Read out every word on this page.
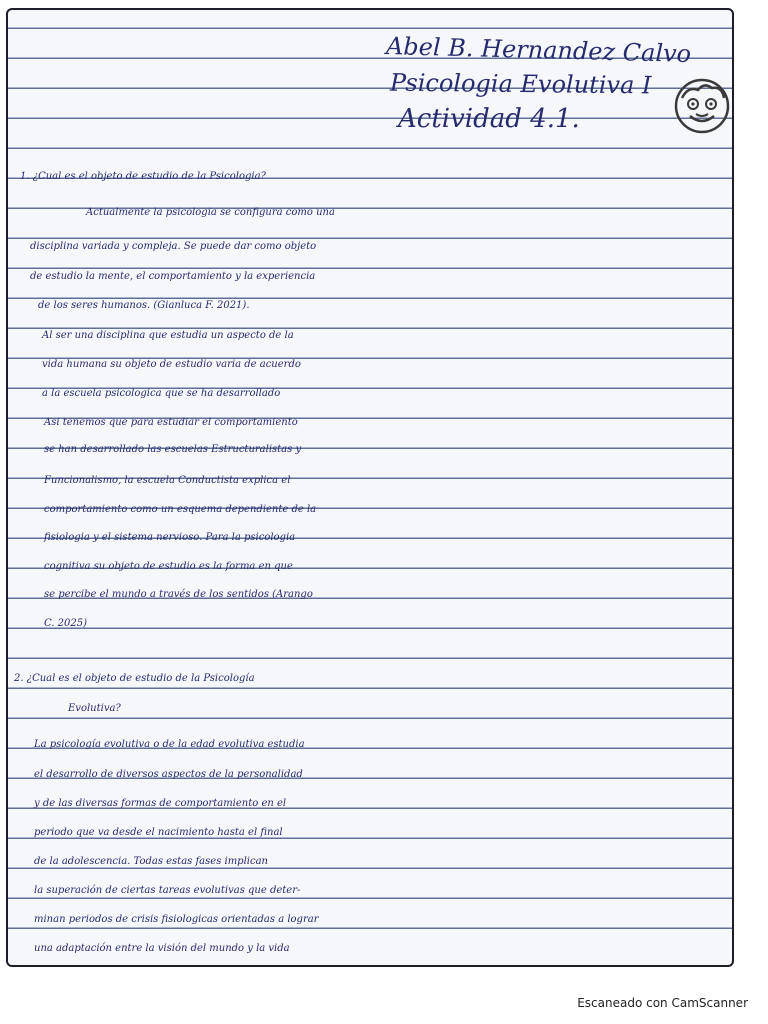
Abel B. Hernandez Calvo
Psicologia Evolutiva I
Actividad 4.1.
1. ¿Cual es el objeto de estudio de la Psicologia?
Actualmente la psicologia se configura como una
disciplina variada y compleja. Se puede dar como objeto
de estudio la mente, el comportamiento y la experiencia
de los seres humanos. (Gianluca F. 2021).
Al ser una disciplina que estudia un aspecto de la
vida humana su objeto de estudio varia de acuerdo
a la escuela psicologica que se ha desarrollado
Asi tenemos que para estudiar el comportamiento
se han desarrollado las escuelas Estructuralistas y
Funcionalismo, la escuela Conductista explica el
comportamiento como un esquema dependiente de la
fisiologia y el sistema nervioso. Para la psicologia
cognitiva su objeto de estudio es la forma en que
se percibe el mundo a través de los sentidos (Arango
C. 2025)
2. ¿Cual es el objeto de estudio de la Psicología
Evolutiva?
La psicología evolutiva o de la edad evolutiva estudia
el desarrollo de diversos aspectos de la personalidad
y de las diversas formas de comportamiento en el
periodo que va desde el nacimiento hasta el final
de la adolescencia. Todas estas fases implican
la superación de ciertas tareas evolutivas que deter-
minan periodos de crisis fisiologicas orientadas a lograr
una adaptación entre la visión del mundo y la vida
Escaneado con CamScanner
